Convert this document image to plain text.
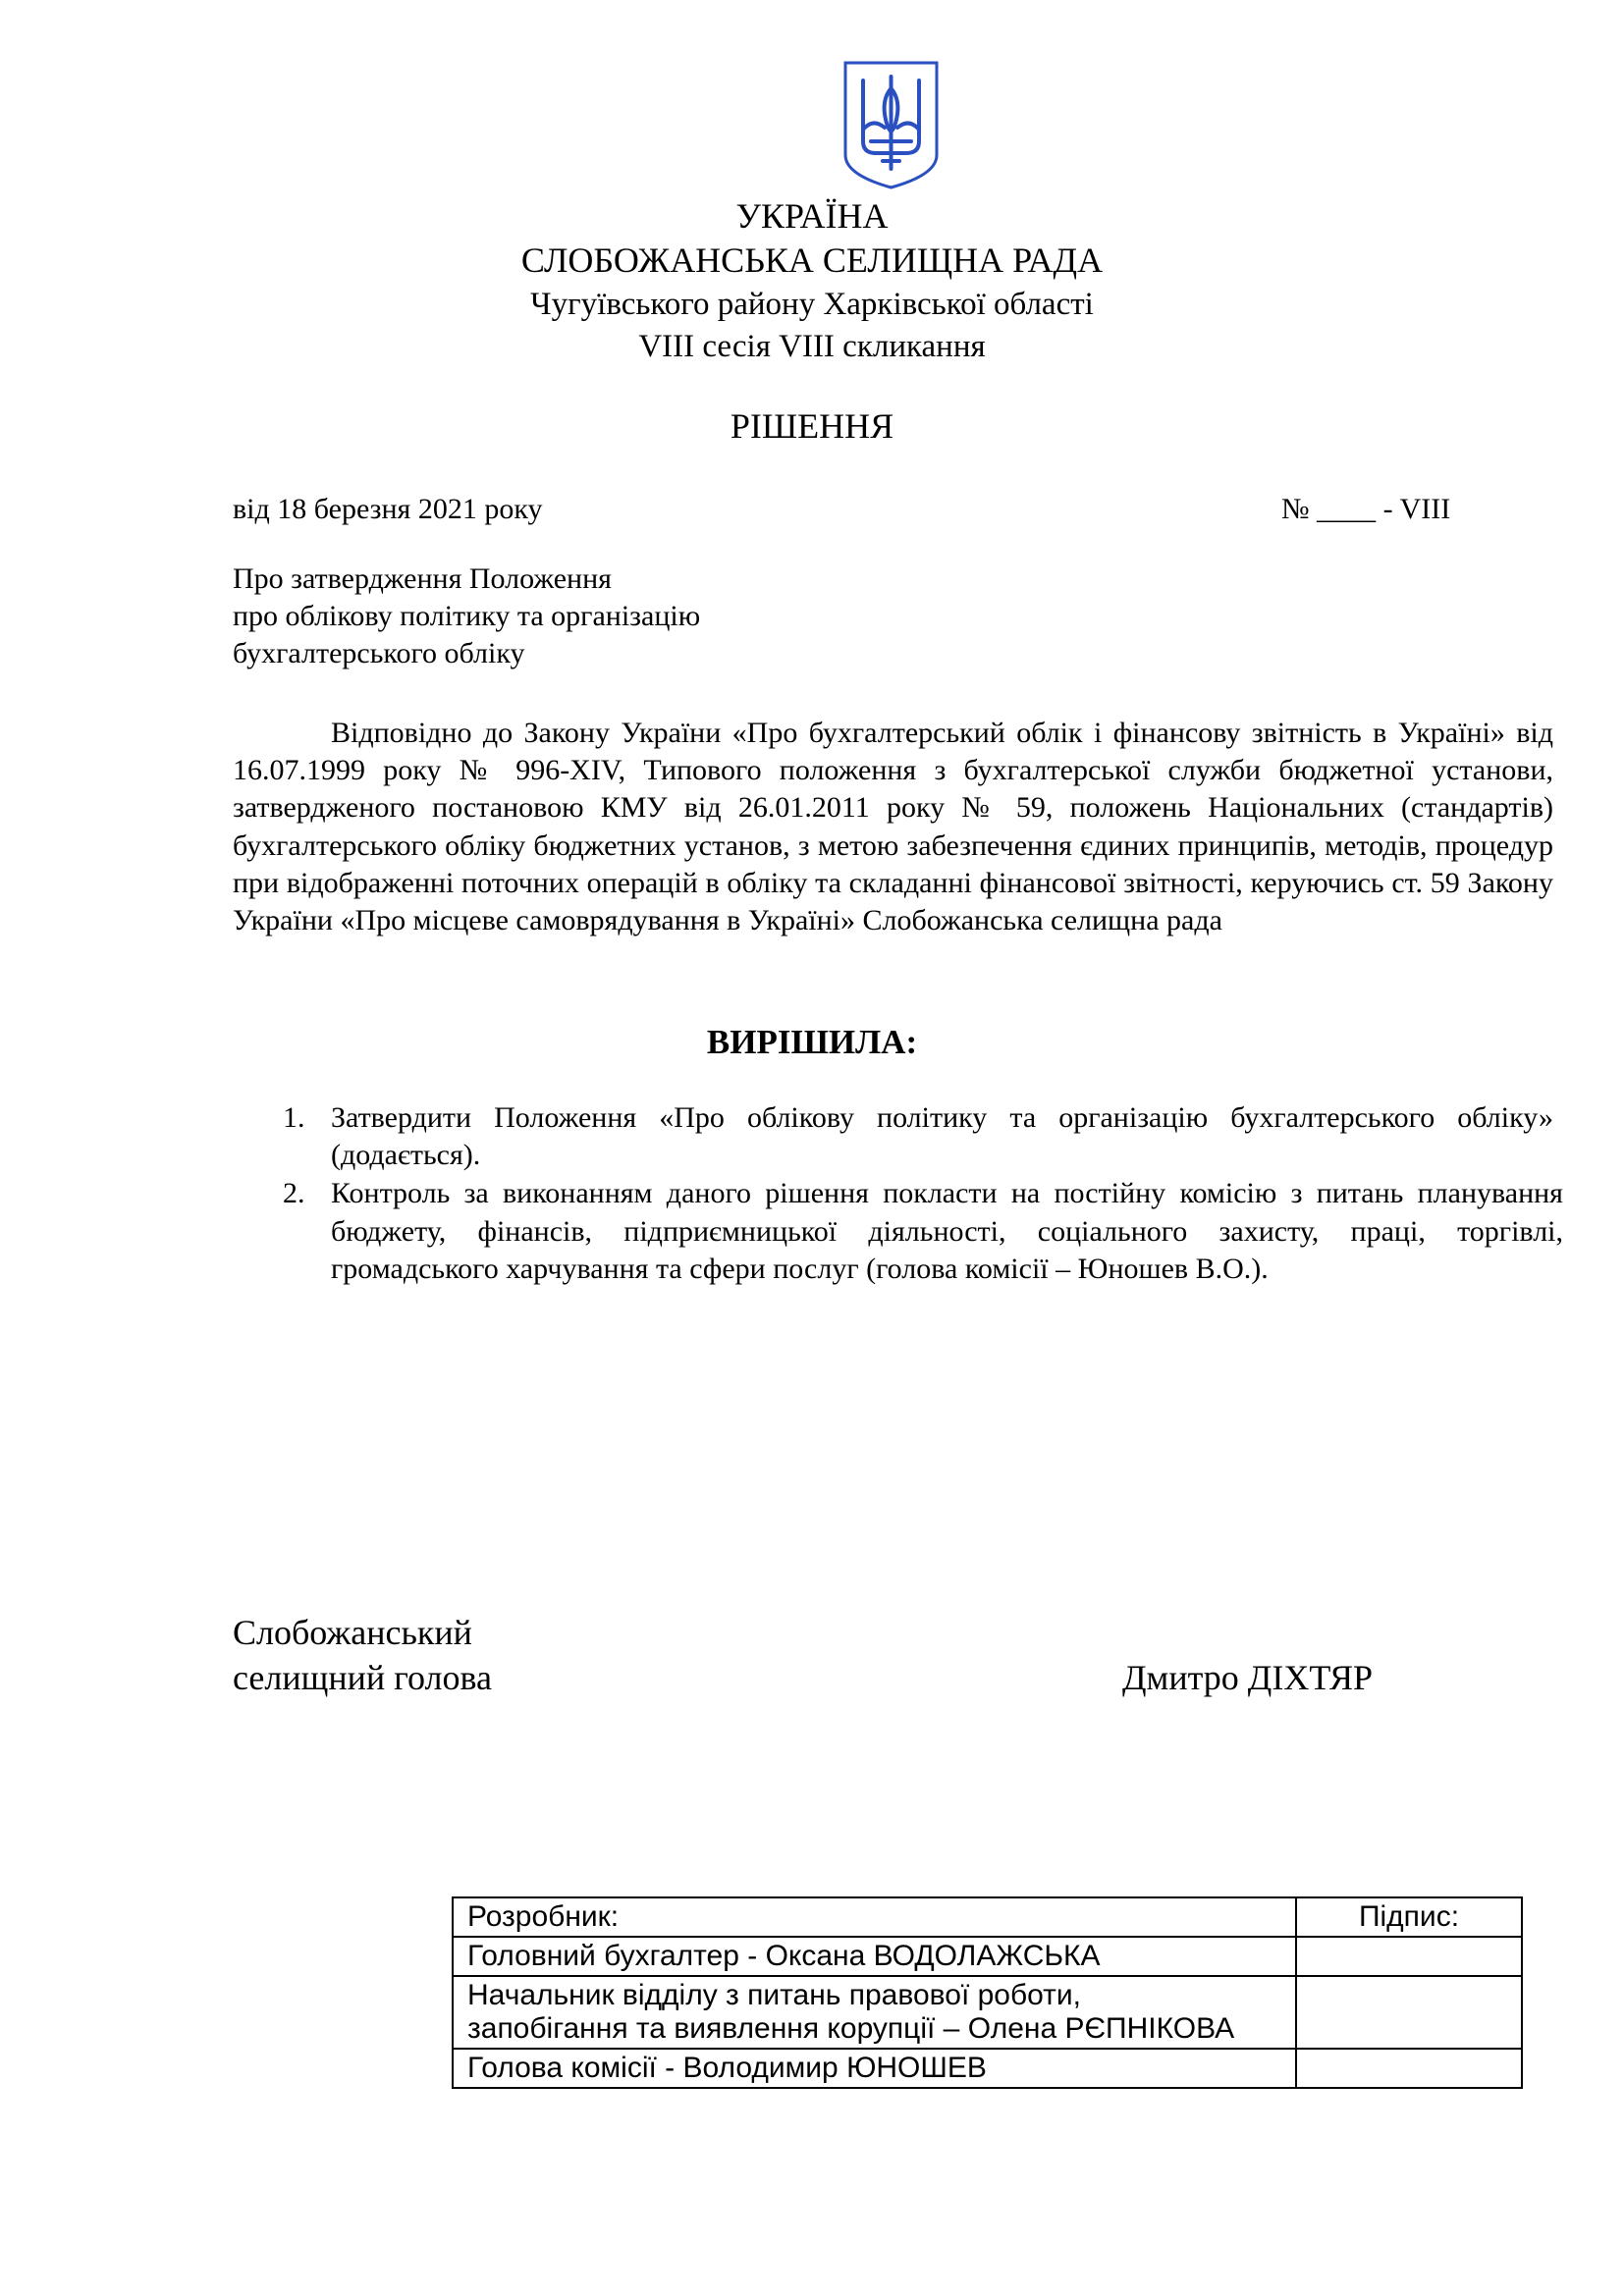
УКРАЇНА
СЛОБОЖАНСЬКА СЕЛИЩНА РАДА
Чугуївського району Харківської області
VIII сесія VIII скликання
РІШЕННЯ
від 18 березня 2021 року	№ ____ - VIII
Про затвердження Положення
про облікову політику та організацію
бухгалтерського обліку

Відповідно до Закону України «Про бухгалтерський облік і фінансову звітність в Україні» від 16.07.1999 року № 996-XIV, Типового положення з бухгалтерської служби бюджетної установи, затвердженого постановою КМУ від 26.01.2011 року № 59, положень Національних (стандартів) бухгалтерського обліку бюджетних установ, з метою забезпечення єдиних принципів, методів, процедур при відображенні поточних операцій в обліку та складанні фінансової звітності, керуючись ст. 59 Закону України «Про місцеве самоврядування в Україні» Слобожанська селищна рада

ВИРІШИЛА:
1. Затвердити Положення «Про облікову політику та організацію бухгалтерського обліку» (додається).
2. Контроль за виконанням даного рішення покласти на постійну комісію з питань планування бюджету, фінансів, підприємницької діяльності, соціального захисту, праці, торгівлі, громадського харчування та сфери послуг (голова комісії – Юношев В.О.).
Слобожанський
селищний голова	Дмитро ДІХТЯР
Розробник:	Підпис:
Головний бухгалтер - Оксана ВОДОЛАЖСЬКА	

Начальник відділу з питань правової роботи,
запобігання та виявлення корупції – Олена РЄПНІКОВА	

Голова комісії - Володимир ЮНОШЕВ	
